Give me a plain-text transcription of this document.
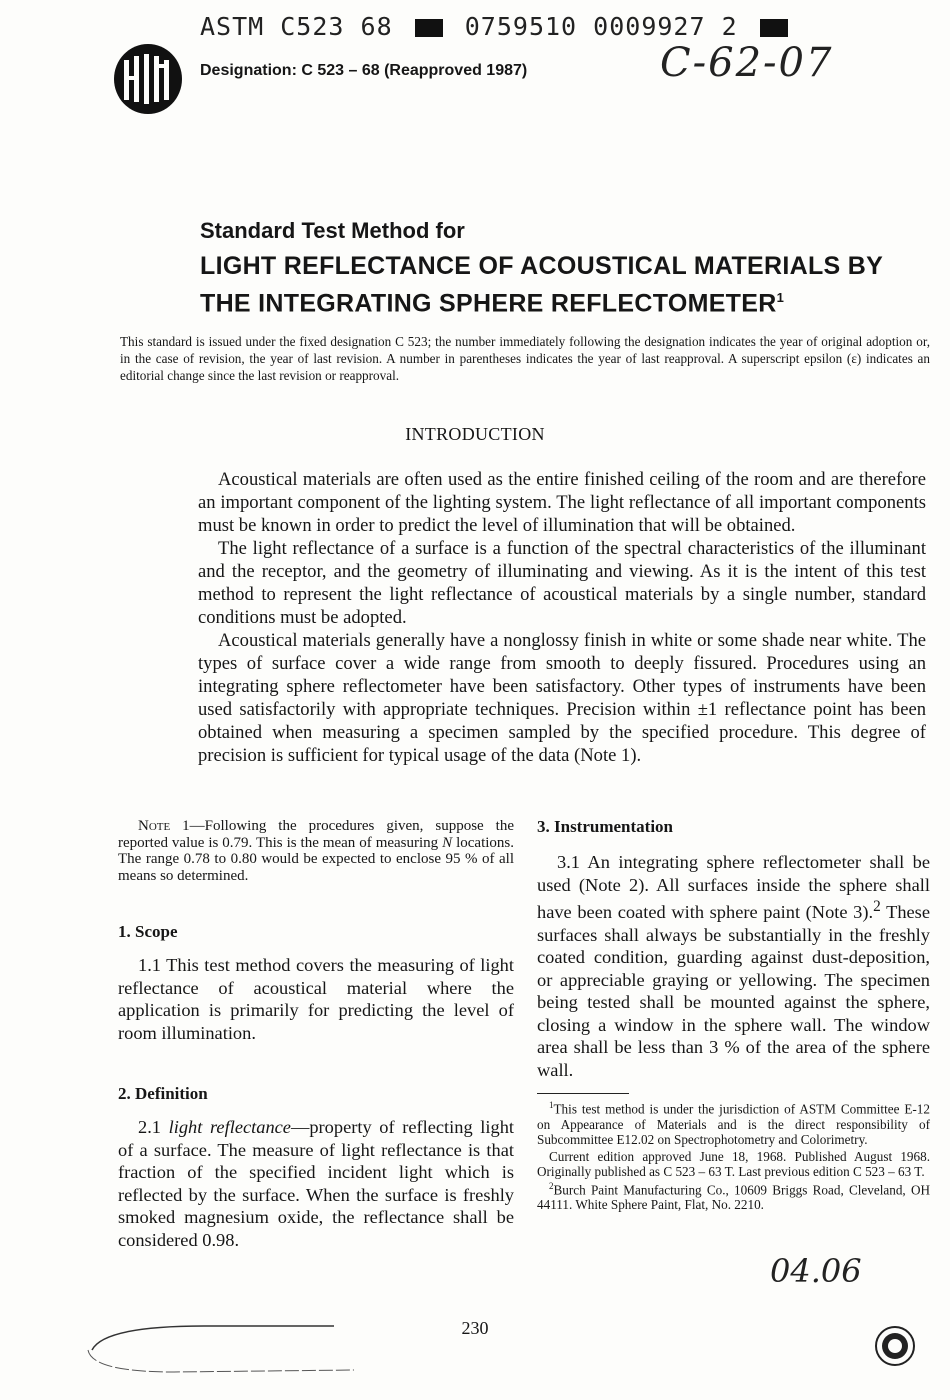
ASTM C523 68	0759510 0009927 2
Designation: C 523 – 68 (Reapproved 1987)	C-62-07
Standard Test Method for
LIGHT REFLECTANCE OF ACOUSTICAL MATERIALS BY
THE INTEGRATING SPHERE REFLECTOMETER$^1$
This standard is issued under the fixed designation C 523; the number immediately following the designation indicates the year of original adoption or, in the case of revision, the year of last revision. A number in parentheses indicates the year of last reapproval. A superscript epsilon (ε) indicates an editorial change since the last revision or reapproval.
INTRODUCTION

Acoustical materials are often used as the entire finished ceiling of the room and are therefore an important component of the lighting system. The light reflectance of all important components must be known in order to predict the level of illumination that will be obtained.

The light reflectance of a surface is a function of the spectral characteristics of the illuminant and the receptor, and the geometry of illuminating and viewing. As it is the intent of this test method to represent the light reflectance of acoustical materials by a single number, standard conditions must be adopted.

Acoustical materials generally have a nonglossy finish in white or some shade near white. The types of surface cover a wide range from smooth to deeply fissured. Procedures using an integrating sphere reflectometer have been satisfactory. Other types of instruments have been used satisfactorily with appropriate techniques. Precision within ±1 reflectance point has been obtained when measuring a specimen sampled by the specified procedure. This degree of precision is sufficient for typical usage of the data (Note 1).

Note 1—Following the procedures given, suppose the reported value is 0.79. This is the mean of measuring N locations. The range 0.78 to 0.80 would be expected to enclose 95 % of all means so determined.

1. Scope

1.1 This test method covers the measuring of light reflectance of acoustical material where the application is primarily for predicting the level of room illumination.

2. Definition

2.1 light reflectance—property of reflecting light of a surface. The measure of light reflectance is that fraction of the specified incident light which is reflected by the surface. When the surface is freshly smoked magnesium oxide, the reflectance shall be considered 0.98.

3. Instrumentation

3.1 An integrating sphere reflectometer shall be used (Note 2). All surfaces inside the sphere shall have been coated with sphere paint (Note 3).$^2$ These surfaces shall always be substantially in the freshly coated condition, guarding against dust-deposition, or appreciable graying or yellowing. The specimen being tested shall be mounted against the sphere, closing a window in the sphere wall. The window area shall be less than 3 % of the area of the sphere wall.

$^1$This test method is under the jurisdiction of ASTM Committee E-12 on Appearance of Materials and is the direct responsibility of Subcommittee E12.02 on Spectrophotometry and Colorimetry.

Current edition approved June 18, 1968. Published August 1968. Originally published as C 523 – 63 T. Last previous edition C 523 – 63 T.

$^2$Burch Paint Manufacturing Co., 10609 Briggs Road, Cleveland, OH 44111. White Sphere Paint, Flat, No. 2210.

04.06
230
